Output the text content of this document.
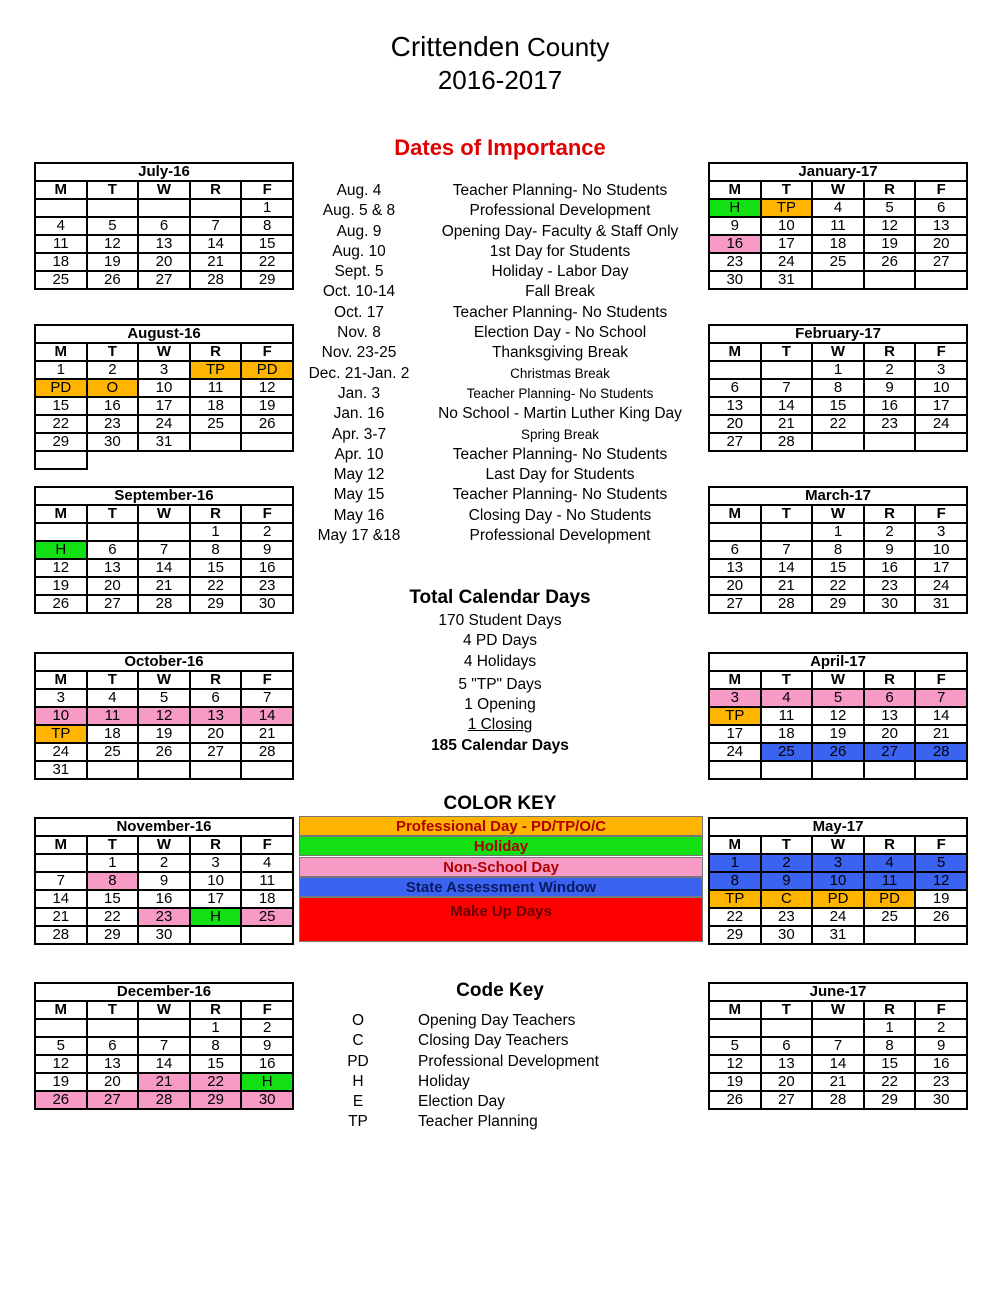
Crittenden County
2016-2017
Dates of Importance
July-16				
M	T	W	R	F
				1
4	5	6	7	8
11	12	13	14	15
18	19	20	21	22
25	26	27	28	29
August-16				
M	T	W	R	F
1	2	3	TP	PD
PD	O	10	11	12
15	16	17	18	19
22	23	24	25	26
29	30	31		

September-16				
M	T	W	R	F
			1	2
H	6	7	8	9
12	13	14	15	16
19	20	21	22	23
26	27	28	29	30
October-16				
M	T	W	R	F
3	4	5	6	7
10	11	12	13	14
TP	18	19	20	21
24	25	26	27	28
31				
November-16				
M	T	W	R	F
	1	2	3	4
7	8	9	10	11
14	15	16	17	18
21	22	23	H	25
28	29	30		
December-16				
M	T	W	R	F
			1	2
5	6	7	8	9
12	13	14	15	16
19	20	21	22	H
26	27	28	29	30
January-17				
M	T	W	R	F
H	TP	4	5	6
9	10	11	12	13
16	17	18	19	20
23	24	25	26	27
30	31			
February-17				
M	T	W	R	F
		1	2	3
6	7	8	9	10
13	14	15	16	17
20	21	22	23	24
27	28			
March-17				
M	T	W	R	F
		1	2	3
6	7	8	9	10
13	14	15	16	17
20	21	22	23	24
27	28	29	30	31
April-17				
M	T	W	R	F
3	4	5	6	7
TP	11	12	13	14
17	18	19	20	21
24	25	26	27	28

May-17				
M	T	W	R	F
1	2	3	4	5
8	9	10	11	12
TP	C	PD	PD	19
22	23	24	25	26
29	30	31		
June-17				
M	T	W	R	F
			1	2
5	6	7	8	9
12	13	14	15	16
19	20	21	22	23
26	27	28	29	30
Aug. 4	Teacher Planning- No Students
Aug. 5 & 8	Professional Development
Aug. 9	Opening Day- Faculty & Staff Only
Aug. 10	1st Day for Students
Sept. 5	Holiday - Labor Day
Oct. 10-14	Fall Break
Oct. 17	Teacher Planning- No Students
Nov. 8	Election Day - No School
Nov. 23-25	Thanksgiving Break
Dec. 21-Jan. 2	Christmas Break
Jan. 3	Teacher Planning- No Students
Jan. 16	No School - Martin Luther King Day
Apr. 3-7	Spring Break
Apr. 10	Teacher Planning- No Students
May 12	Last Day for Students
May 15	Teacher Planning- No Students
May 16	Closing Day - No Students
May 17 &18	Professional Development
Total Calendar Days
170 Student Days
4 PD Days
4 Holidays
5 "TP" Days
1 Opening
1 Closing
185 Calendar Days
COLOR KEY
Professional Day - PD/TP/O/C
Holiday
Non-School Day
State Assessment Window
Make Up Days
Code Key
O	Opening Day Teachers
C	Closing Day Teachers
PD	Professional Development
H	Holiday
E	Election Day
TP	Teacher Planning
